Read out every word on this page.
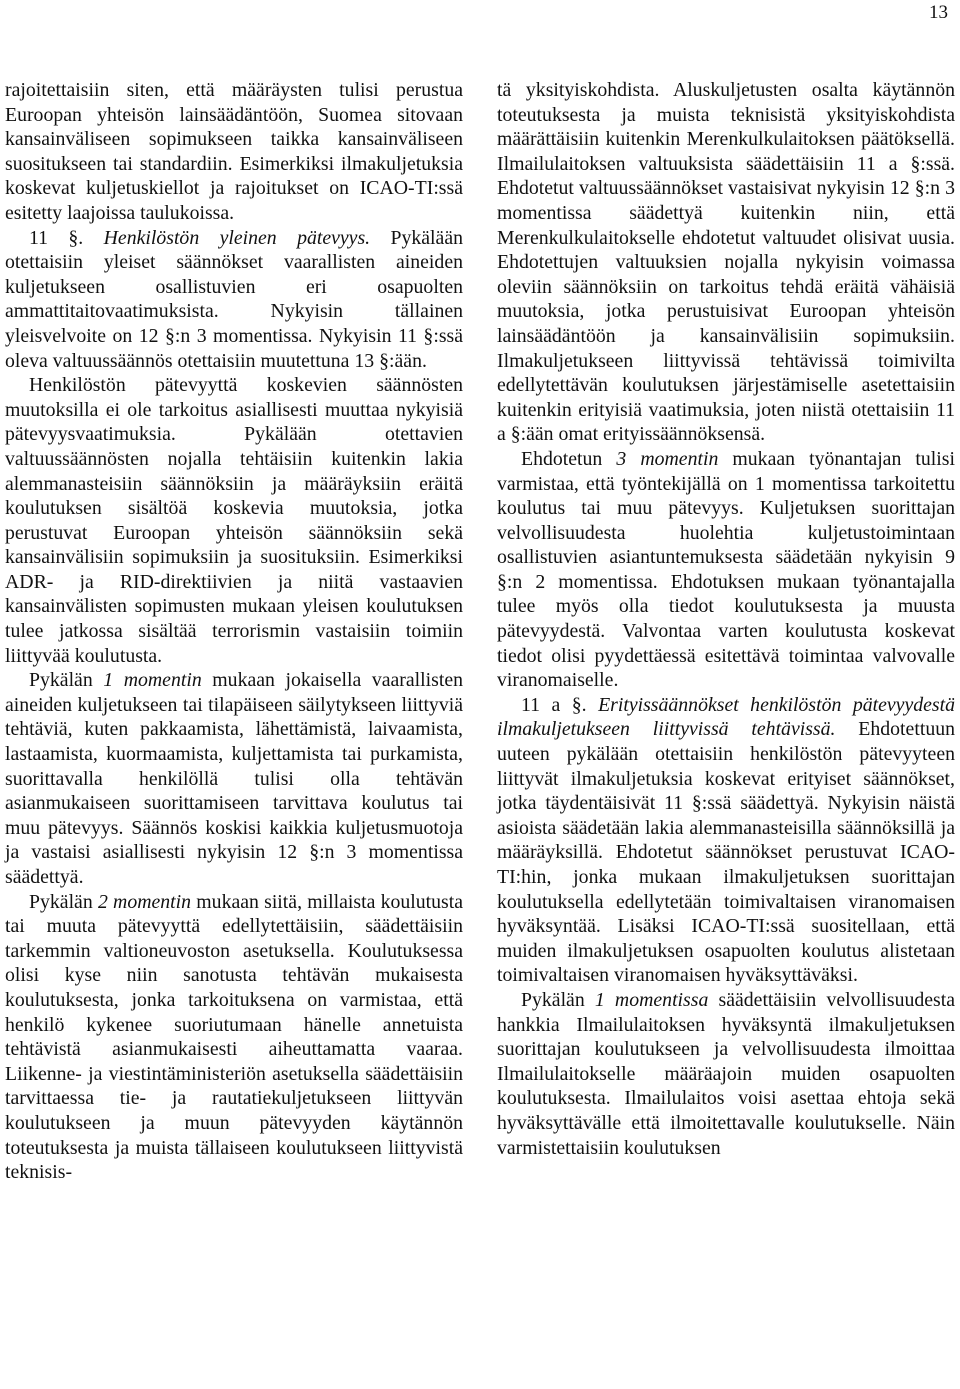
13

rajoitettaisiin siten, että määräysten tulisi perustua Euroopan yhteisön lainsäädäntöön, Suomea sitovaan kansainväliseen sopimukseen taikka kansainväliseen suositukseen tai standardiin. Esimerkiksi ilmakuljetuksia koskevat kuljetuskiellot ja rajoitukset on ICAO-TI:ssä esitetty laajoissa taulukoissa.

11 §. Henkilöstön yleinen pätevyys. Pykälään otettaisiin yleiset säännökset vaarallisten aineiden kuljetukseen osallistuvien eri osapuolten ammattitaitovaatimuksista. Nykyisin tällainen yleisvelvoite on 12 §:n 3 momentissa. Nykyisin 11 §:ssä oleva valtuussäännös otettaisiin muutettuna 13 §:ään.

Henkilöstön pätevyyttä koskevien säännösten muutoksilla ei ole tarkoitus asiallisesti muuttaa nykyisiä pätevyysvaatimuksia. Pykälään otettavien valtuussäännösten nojalla tehtäisiin kuitenkin lakia alemmanasteisiin säännöksiin ja määräyksiin eräitä koulutuksen sisältöä koskevia muutoksia, jotka perustuvat Euroopan yhteisön säännöksiin sekä kansainvälisiin sopimuksiin ja suosituksiin. Esimerkiksi ADR- ja RID-direktiivien ja niitä vastaavien kansainvälisten sopimusten mukaan yleisen koulutuksen tulee jatkossa sisältää terrorismin vastaisiin toimiin liittyvää koulutusta.

Pykälän 1 momentin mukaan jokaisella vaarallisten aineiden kuljetukseen tai tilapäiseen säilytykseen liittyviä tehtäviä, kuten pakkaamista, lähettämistä, laivaamista, lastaamista, kuormaamista, kuljettamista tai purkamista, suorittavalla henkilöllä tulisi olla tehtävän asianmukaiseen suorittamiseen tarvittava koulutus tai muu pätevyys. Säännös koskisi kaikkia kuljetusmuotoja ja vastaisi asiallisesti nykyisin 12 §:n 3 momentissa säädettyä.

Pykälän 2 momentin mukaan siitä, millaista koulutusta tai muuta pätevyyttä edellytettäisiin, säädettäisiin tarkemmin valtioneuvoston asetuksella. Koulutuksessa olisi kyse niin sanotusta tehtävän mukaisesta koulutuksesta, jonka tarkoituksena on varmistaa, että henkilö kykenee suoriutumaan hänelle annetuista tehtävistä asianmukaisesti aiheuttamatta vaaraa. Liikenne- ja viestintäministeriön asetuksella säädettäisiin tarvittaessa tie- ja rautatiekuljetukseen liittyvän koulutukseen ja muun pätevyyden käytännön toteutuksesta ja muista tällaiseen koulutukseen liittyvistä teknisis-

tä yksityiskohdista. Aluskuljetusten osalta käytännön toteutuksesta ja muista teknisistä yksityiskohdista määrättäisiin kuitenkin Merenkulkulaitoksen päätöksellä. Ilmailulaitoksen valtuuksista säädettäisiin 11 a §:ssä. Ehdotetut valtuussäännökset vastaisivat nykyisin 12 §:n 3 momentissa säädettyä kuitenkin niin, että Merenkulkulaitokselle ehdotetut valtuudet olisivat uusia. Ehdotettujen valtuuksien nojalla nykyisin voimassa oleviin säännöksiin on tarkoitus tehdä eräitä vähäisiä muutoksia, jotka perustuisivat Euroopan yhteisön lainsäädäntöön ja kansainvälisiin sopimuksiin. Ilmakuljetukseen liittyvissä tehtävissä toimivilta edellytettävän koulutuksen järjestämiselle asetettaisiin kuitenkin erityisiä vaatimuksia, joten niistä otettaisiin 11 a §:ään omat erityissäännöksensä.

Ehdotetun 3 momentin mukaan työnantajan tulisi varmistaa, että työntekijällä on 1 momentissa tarkoitettu koulutus tai muu pätevyys. Kuljetuksen suorittajan velvollisuudesta huolehtia kuljetustoimintaan osallistuvien asiantuntemuksesta säädetään nykyisin 9 §:n 2 momentissa. Ehdotuksen mukaan työnantajalla tulee myös olla tiedot koulutuksesta ja muusta pätevyydestä. Valvontaa varten koulutusta koskevat tiedot olisi pyydettäessä esitettävä toimintaa valvovalle viranomaiselle.

11 a §. Erityissäännökset henkilöstön pätevyydestä ilmakuljetukseen liittyvissä tehtävissä. Ehdotettuun uuteen pykälään otettaisiin henkilöstön pätevyyteen liittyvät ilmakuljetuksia koskevat erityiset säännökset, jotka täydentäisivät 11 §:ssä säädettyä. Nykyisin näistä asioista säädetään lakia alemmanasteisilla säännöksillä ja määräyksillä. Ehdotetut säännökset perustuvat ICAO-TI:hin, jonka mukaan ilmakuljetuksen suorittajan koulutuksella edellytetään toimivaltaisen viranomaisen hyväksyntää. Lisäksi ICAO-TI:ssä suositellaan, että muiden ilmakuljetuksen osapuolten koulutus alistetaan toimivaltaisen viranomaisen hyväksyttäväksi.

Pykälän 1 momentissa säädettäisiin velvollisuudesta hankkia Ilmailulaitoksen hyväksyntä ilmakuljetuksen suorittajan koulutukseen ja velvollisuudesta ilmoittaa Ilmailulaitokselle määräajoin muiden osapuolten koulutuksesta. Ilmailulaitos voisi asettaa ehtoja sekä hyväksyttävälle että ilmoitettavalle koulutukselle. Näin varmistettaisiin koulutuksen
